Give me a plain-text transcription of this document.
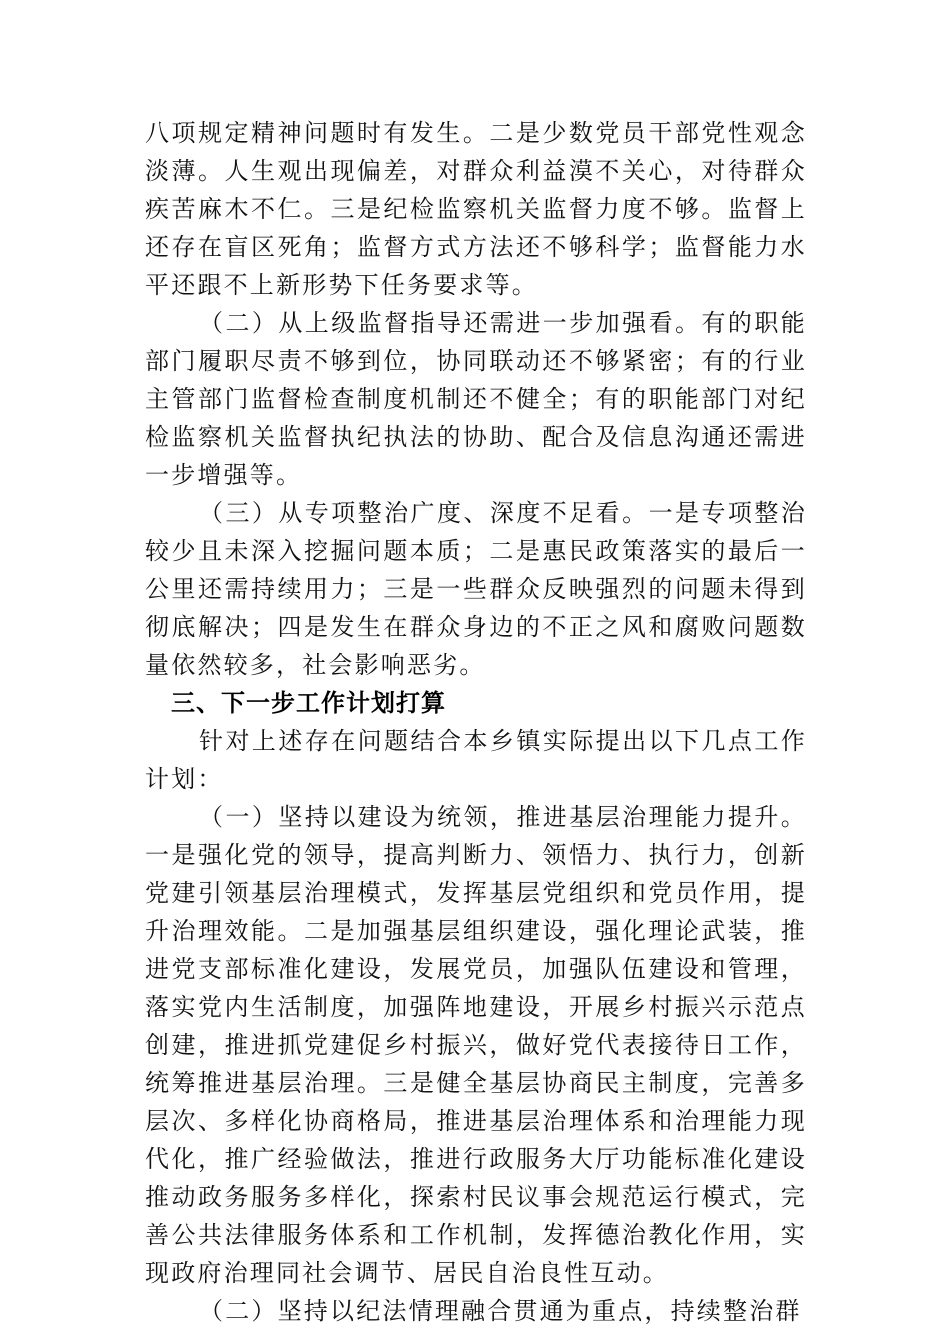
八项规定精神问题时有发生。二是少数党员干部党性观念淡薄。人生观出现偏差，对群众利益漠不关心，对待群众疾苦麻木不仁。三是纪检监察机关监督力度不够。监督上还存在盲区死角；监督方式方法还不够科学；监督能力水平还跟不上新形势下任务要求等。

（二）从上级监督指导还需进一步加强看。有的职能部门履职尽责不够到位，协同联动还不够紧密；有的行业主管部门监督检查制度机制还不健全；有的职能部门对纪检监察机关监督执纪执法的协助、配合及信息沟通还需进一步增强等。

（三）从专项整治广度、深度不足看。一是专项整治较少且未深入挖掘问题本质；二是惠民政策落实的最后一公里还需持续用力；三是一些群众反映强烈的问题未得到彻底解决；四是发生在群众身边的不正之风和腐败问题数量依然较多，社会影响恶劣。

三、下一步工作计划打算

针对上述存在问题结合本乡镇实际提出以下几点工作计划：

（一）坚持以建设为统领，推进基层治理能力提升。一是强化党的领导，提高判断力、领悟力、执行力，创新党建引领基层治理模式，发挥基层党组织和党员作用，提升治理效能。二是加强基层组织建设，强化理论武装，推进党支部标准化建设，发展党员，加强队伍建设和管理，落实党内生活制度，加强阵地建设，开展乡村振兴示范点创建，推进抓党建促乡村振兴，做好党代表接待日工作，统筹推进基层治理。三是健全基层协商民主制度，完善多层次、多样化协商格局，推进基层治理体系和治理能力现代化，推广经验做法，推进行政服务大厅功能标准化建设推动政务服务多样化，探索村民议事会规范运行模式，完善公共法律服务体系和工作机制，发挥德治教化作用，实现政府治理同社会调节、居民自治良性互动。

（二）坚持以纪法情理融合贯通为重点，持续整治群
